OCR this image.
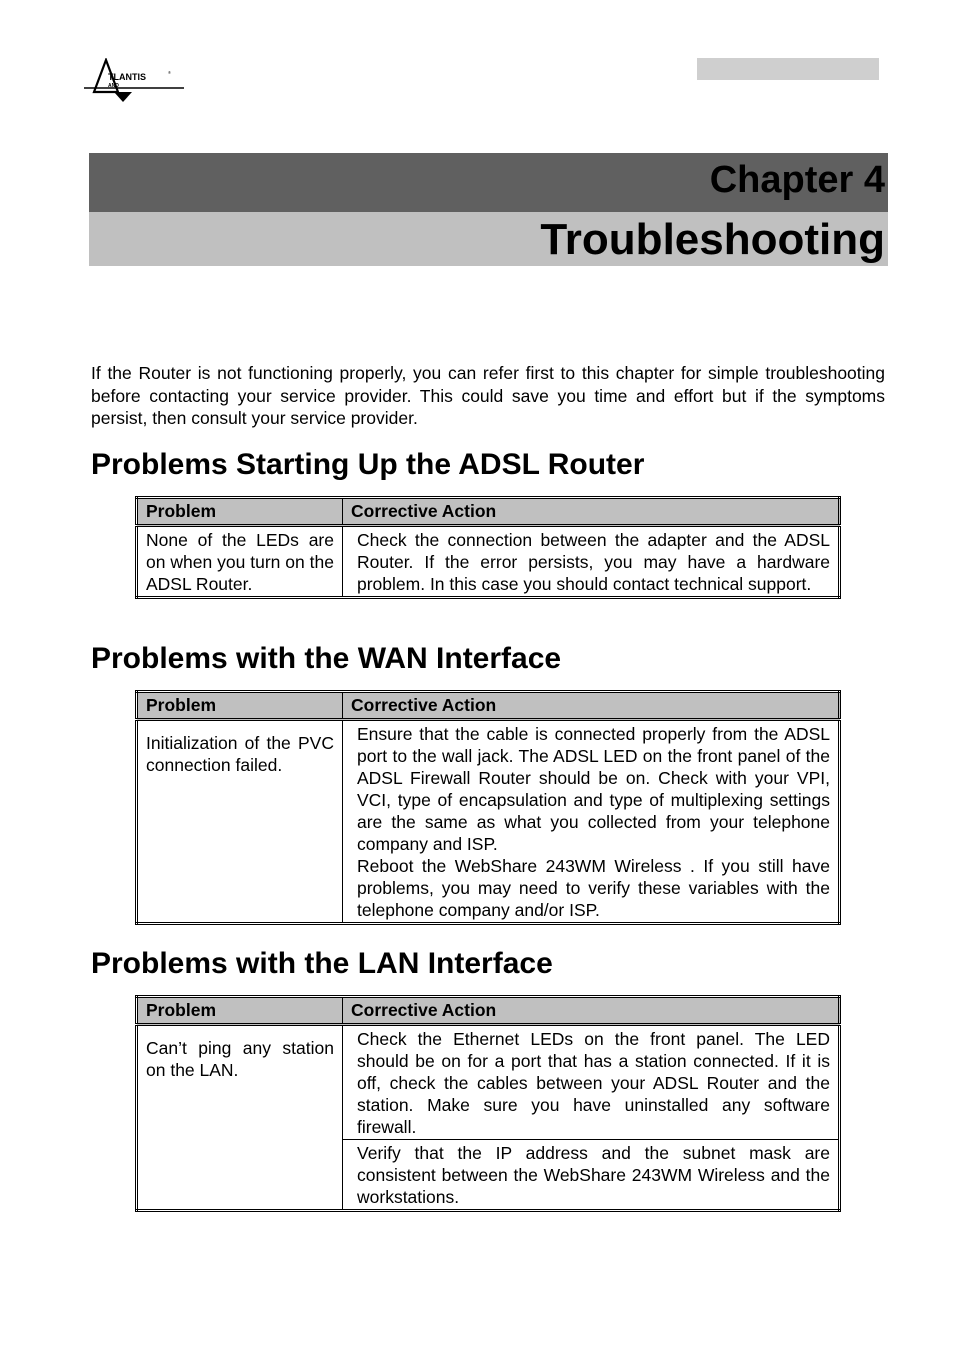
TLANTIS	®
AND
Chapter 4
Troubleshooting

If the Router is not functioning properly, you can refer first to this chapter for simple troubleshooting before contacting your service provider. This could save you time and effort but if the symptoms persist, then consult your service provider.

Problems Starting Up the ADSL Router
Problem	Corrective Action
None of the LEDs are on when you turn on the ADSL Router.	Check the connection between the adapter and the ADSL Router. If the error persists, you may have a hardware problem. In this case you should contact technical support.
Problems with the WAN Interface
Problem	Corrective Action
Initialization of the PVC connection failed.	Ensure that the cable is connected properly from the ADSL port to the wall jack. The ADSL LED on the front panel of the ADSL Firewall Router should be on. Check with your VPI, VCI, type of encapsulation and type of multiplexing settings are the same as what you collected from your telephone company and ISP.

Reboot the WebShare 243WM Wireless . If you still have problems, you may need to verify these variables with the telephone company and/or ISP.

Problems with the LAN Interface
Problem	Corrective Action
Can’t ping any station on the LAN.	Check the Ethernet LEDs on the front panel. The LED should be on for a port that has a station connected. If it is off, check the cables between your ADSL Router and the station. Make sure you have uninstalled any software firewall.
	Verify that the IP address and the subnet mask are consistent between the WebShare 243WM Wireless and the workstations.
